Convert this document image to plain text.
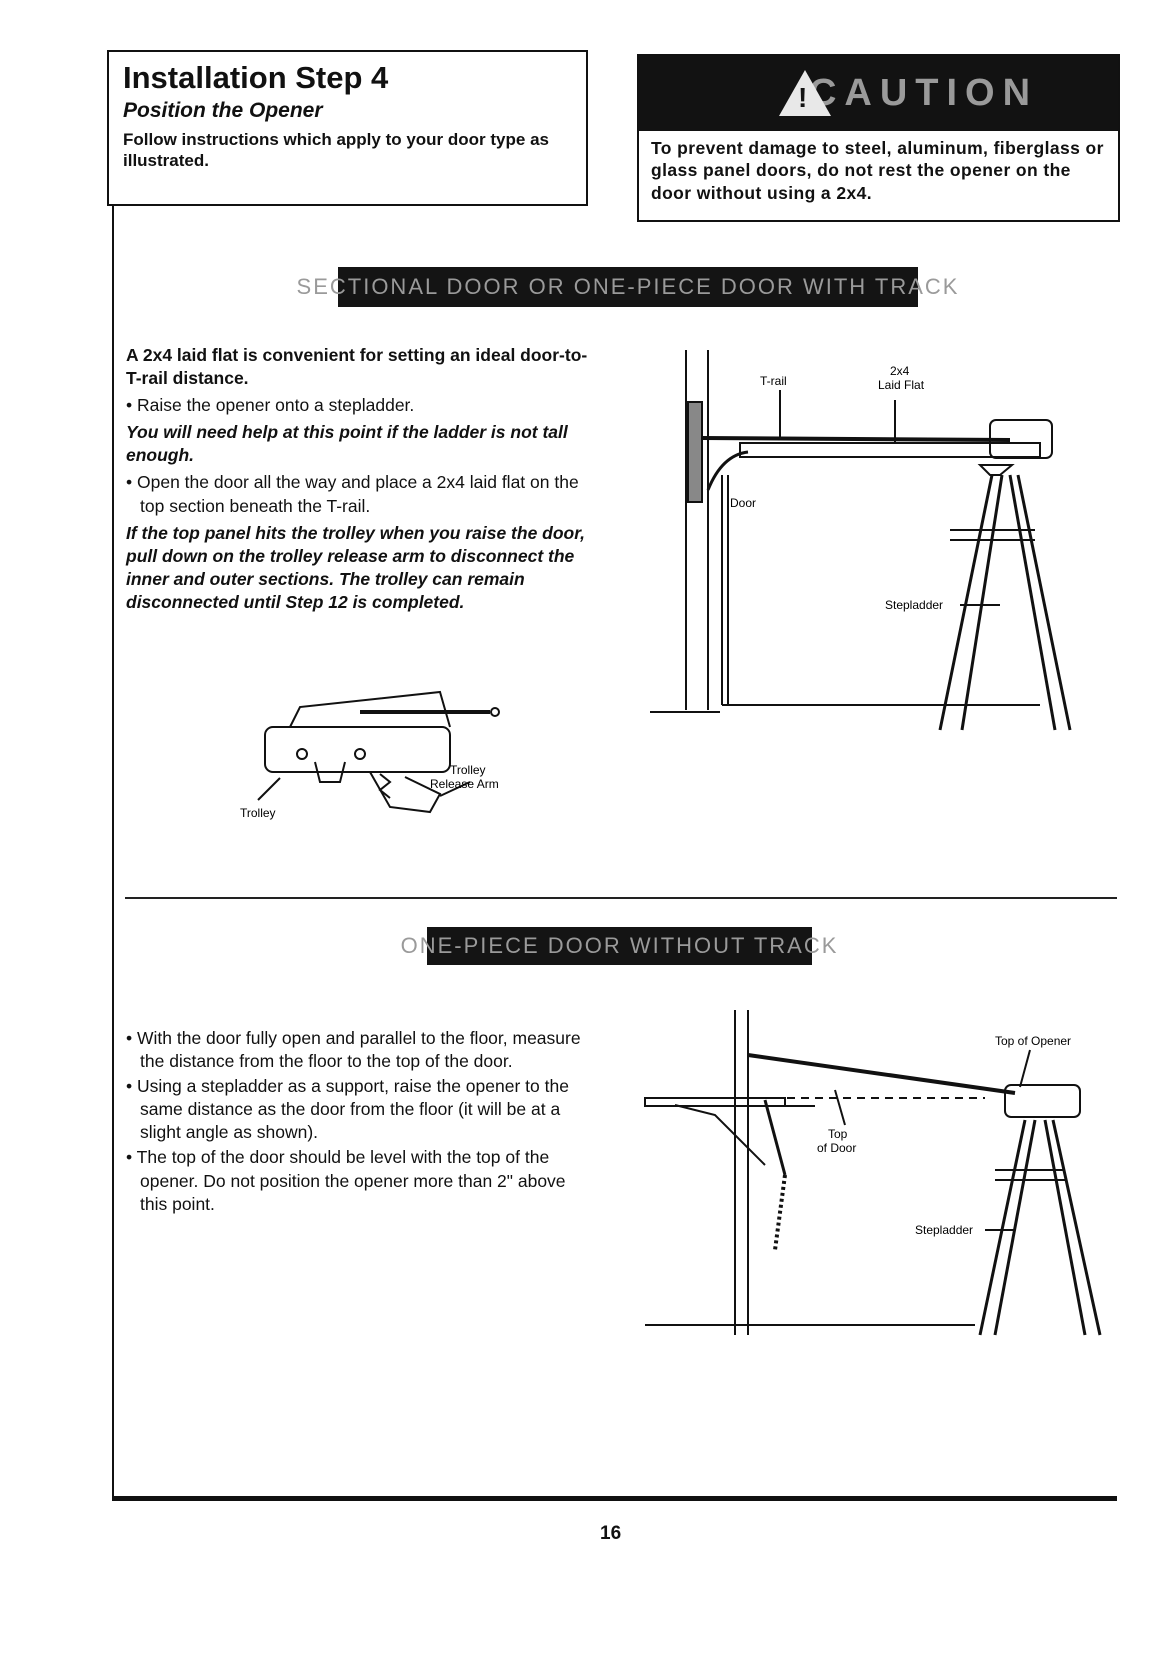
Installation Step 4
Position the Opener
Follow instructions which apply to your door type as illustrated.
! CAUTION
To prevent damage to steel, aluminum, fiberglass or glass panel doors, do not rest the opener on the door without using a 2x4.
SECTIONAL DOOR OR ONE-PIECE DOOR WITH TRACK

A 2x4 laid flat is convenient for setting an ideal door-to-T-rail distance.

• Raise the opener onto a stepladder.

You will need help at this point if the ladder is not tall enough.

• Open the door all the way and place a 2x4 laid flat on the top section beneath the T-rail.

If the top panel hits the trolley when you raise the door, pull down on the trolley release arm to disconnect the inner and outer sections. The trolley can remain disconnected until Step 12 is completed.

Trolley
Trolley
Release Arm
T-rail
2x4
Laid Flat
Door
Stepladder
ONE-PIECE DOOR WITHOUT TRACK

• With the door fully open and parallel to the floor, measure the distance from the floor to the top of the door.

• Using a stepladder as a support, raise the opener to the same distance as the door from the floor (it will be at a slight angle as shown).

• The top of the door should be level with the top of the opener. Do not position the opener more than 2" above this point.

Top of Opener
Top
of Door
Stepladder
16
